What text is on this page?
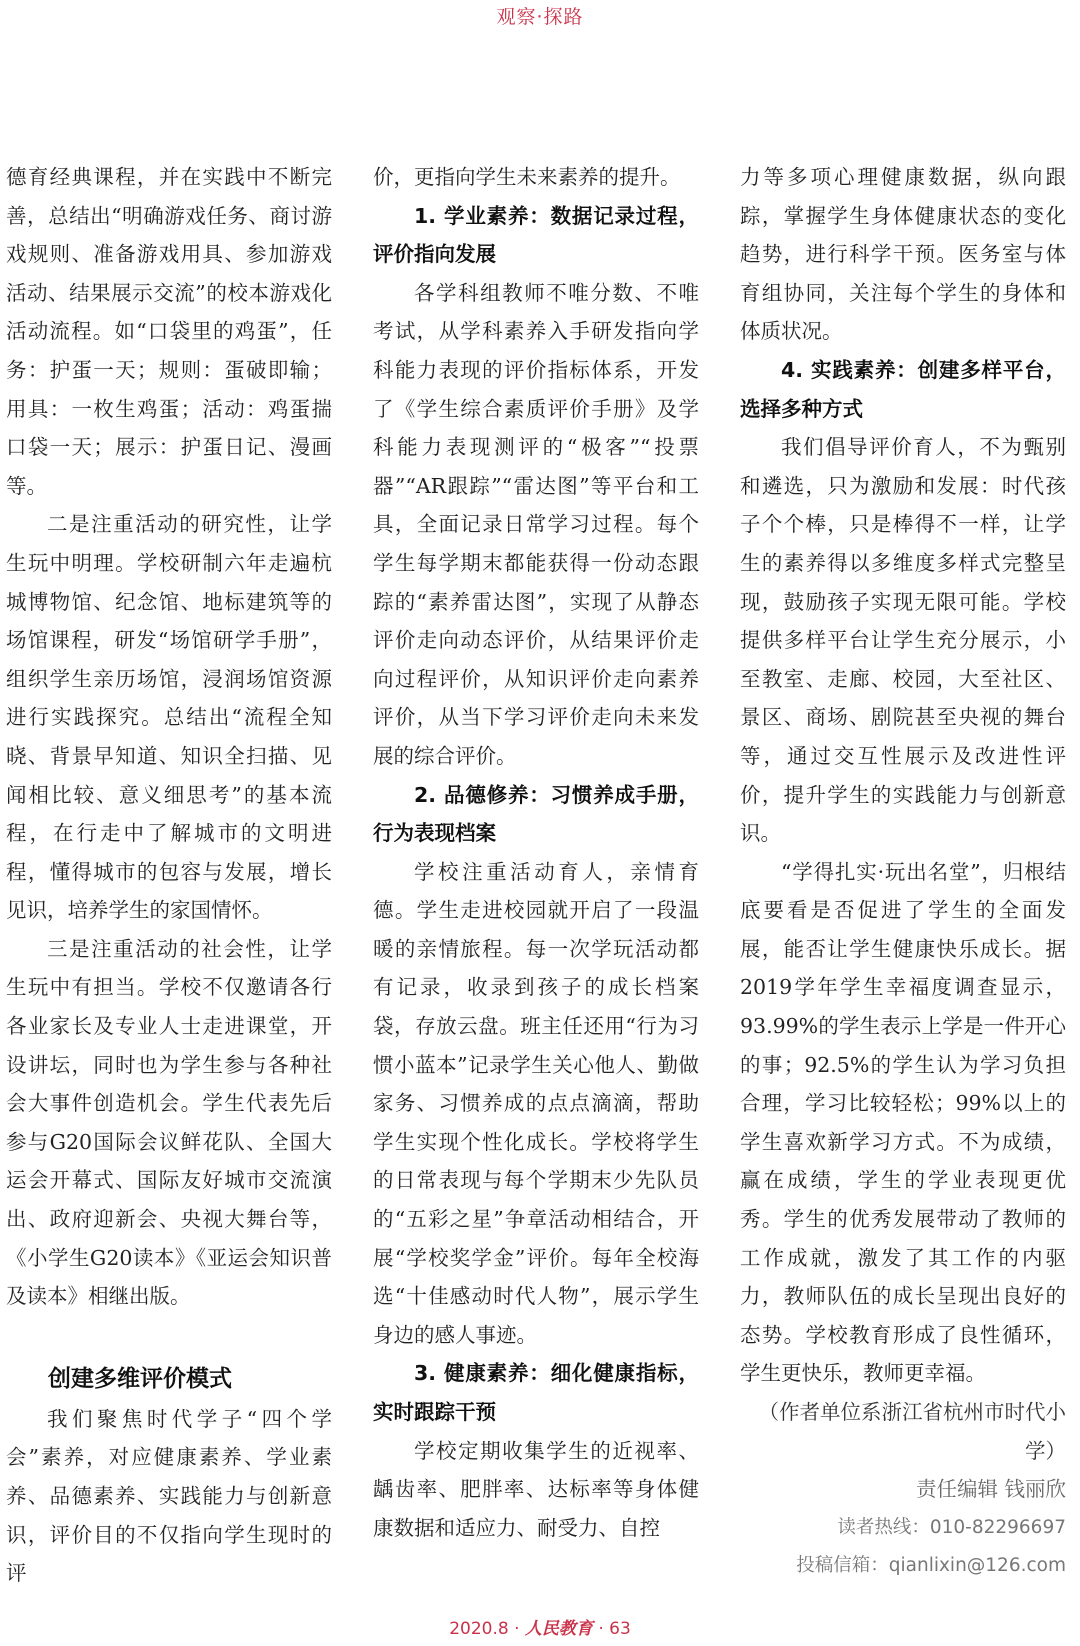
观察·探路

德育经典课程，并在实践中不断完善，总结出“明确游戏任务、商讨游戏规则、准备游戏用具、参加游戏活动、结果展示交流”的校本游戏化活动流程。如“口袋里的鸡蛋”，任务：护蛋一天；规则：蛋破即输；用具：一枚生鸡蛋；活动：鸡蛋揣口袋一天；展示：护蛋日记、漫画等。

二是注重活动的研究性，让学生玩中明理。学校研制六年走遍杭城博物馆、纪念馆、地标建筑等的场馆课程，研发“场馆研学手册”，组织学生亲历场馆，浸润场馆资源进行实践探究。总结出“流程全知晓、背景早知道、知识全扫描、见闻相比较、意义细思考”的基本流程，在行走中了解城市的文明进程，懂得城市的包容与发展，增长见识，培养学生的家国情怀。

三是注重活动的社会性，让学生玩中有担当。学校不仅邀请各行各业家长及专业人士走进课堂，开设讲坛，同时也为学生参与各种社会大事件创造机会。学生代表先后参与G20国际会议鲜花队、全国大运会开幕式、国际友好城市交流演出、政府迎新会、央视大舞台等，《小学生G20读本》《亚运会知识普及读本》相继出版。

创建多维评价模式

我们聚焦时代学子“四个学会”素养，对应健康素养、学业素养、品德素养、实践能力与创新意识，评价目的不仅指向学生现时的评

价，更指向学生未来素养的提升。

1. 学业素养：数据记录过程，评价指向发展

各学科组教师不唯分数、不唯考试，从学科素养入手研发指向学科能力表现的评价指标体系，开发了《学生综合素质评价手册》及学科能力表现测评的“极客”“投票器”“AR跟踪”“雷达图”等平台和工具，全面记录日常学习过程。每个学生每学期末都能获得一份动态跟踪的“素养雷达图”，实现了从静态评价走向动态评价，从结果评价走向过程评价，从知识评价走向素养评价，从当下学习评价走向未来发展的综合评价。

2. 品德修养：习惯养成手册，行为表现档案

学校注重活动育人，亲情育德。学生走进校园就开启了一段温暖的亲情旅程。每一次学玩活动都有记录，收录到孩子的成长档案袋，存放云盘。班主任还用“行为习惯小蓝本”记录学生关心他人、勤做家务、习惯养成的点点滴滴，帮助学生实现个性化成长。学校将学生的日常表现与每个学期末少先队员的“五彩之星”争章活动相结合，开展“学校奖学金”评价。每年全校海选“十佳感动时代人物”，展示学生身边的感人事迹。

3. 健康素养：细化健康指标，实时跟踪干预

学校定期收集学生的近视率、龋齿率、肥胖率、达标率等身体健康数据和适应力、耐受力、自控

力等多项心理健康数据，纵向跟踪，掌握学生身体健康状态的变化趋势，进行科学干预。医务室与体育组协同，关注每个学生的身体和体质状况。

4. 实践素养：创建多样平台，选择多种方式

我们倡导评价育人，不为甄别和遴选，只为激励和发展：时代孩子个个棒，只是棒得不一样，让学生的素养得以多维度多样式完整呈现，鼓励孩子实现无限可能。学校提供多样平台让学生充分展示，小至教室、走廊、校园，大至社区、景区、商场、剧院甚至央视的舞台等，通过交互性展示及改进性评价，提升学生的实践能力与创新意识。

“学得扎实·玩出名堂”，归根结底要看是否促进了学生的全面发展，能否让学生健康快乐成长。据2019学年学生幸福度调查显示，93.99%的学生表示上学是一件开心的事；92.5%的学生认为学习负担合理，学习比较轻松；99%以上的学生喜欢新学习方式。不为成绩，赢在成绩，学生的学业表现更优秀。学生的优秀发展带动了教师的工作成就，激发了其工作的内驱力，教师队伍的成长呈现出良好的态势。学校教育形成了良性循环，学生更快乐，教师更幸福。

（作者单位系浙江省杭州市时代小学）

责任编辑 钱丽欣

读者热线：010-82296697

投稿信箱：qianlixin@126.com

2020.8 · 人民教育 · 63
